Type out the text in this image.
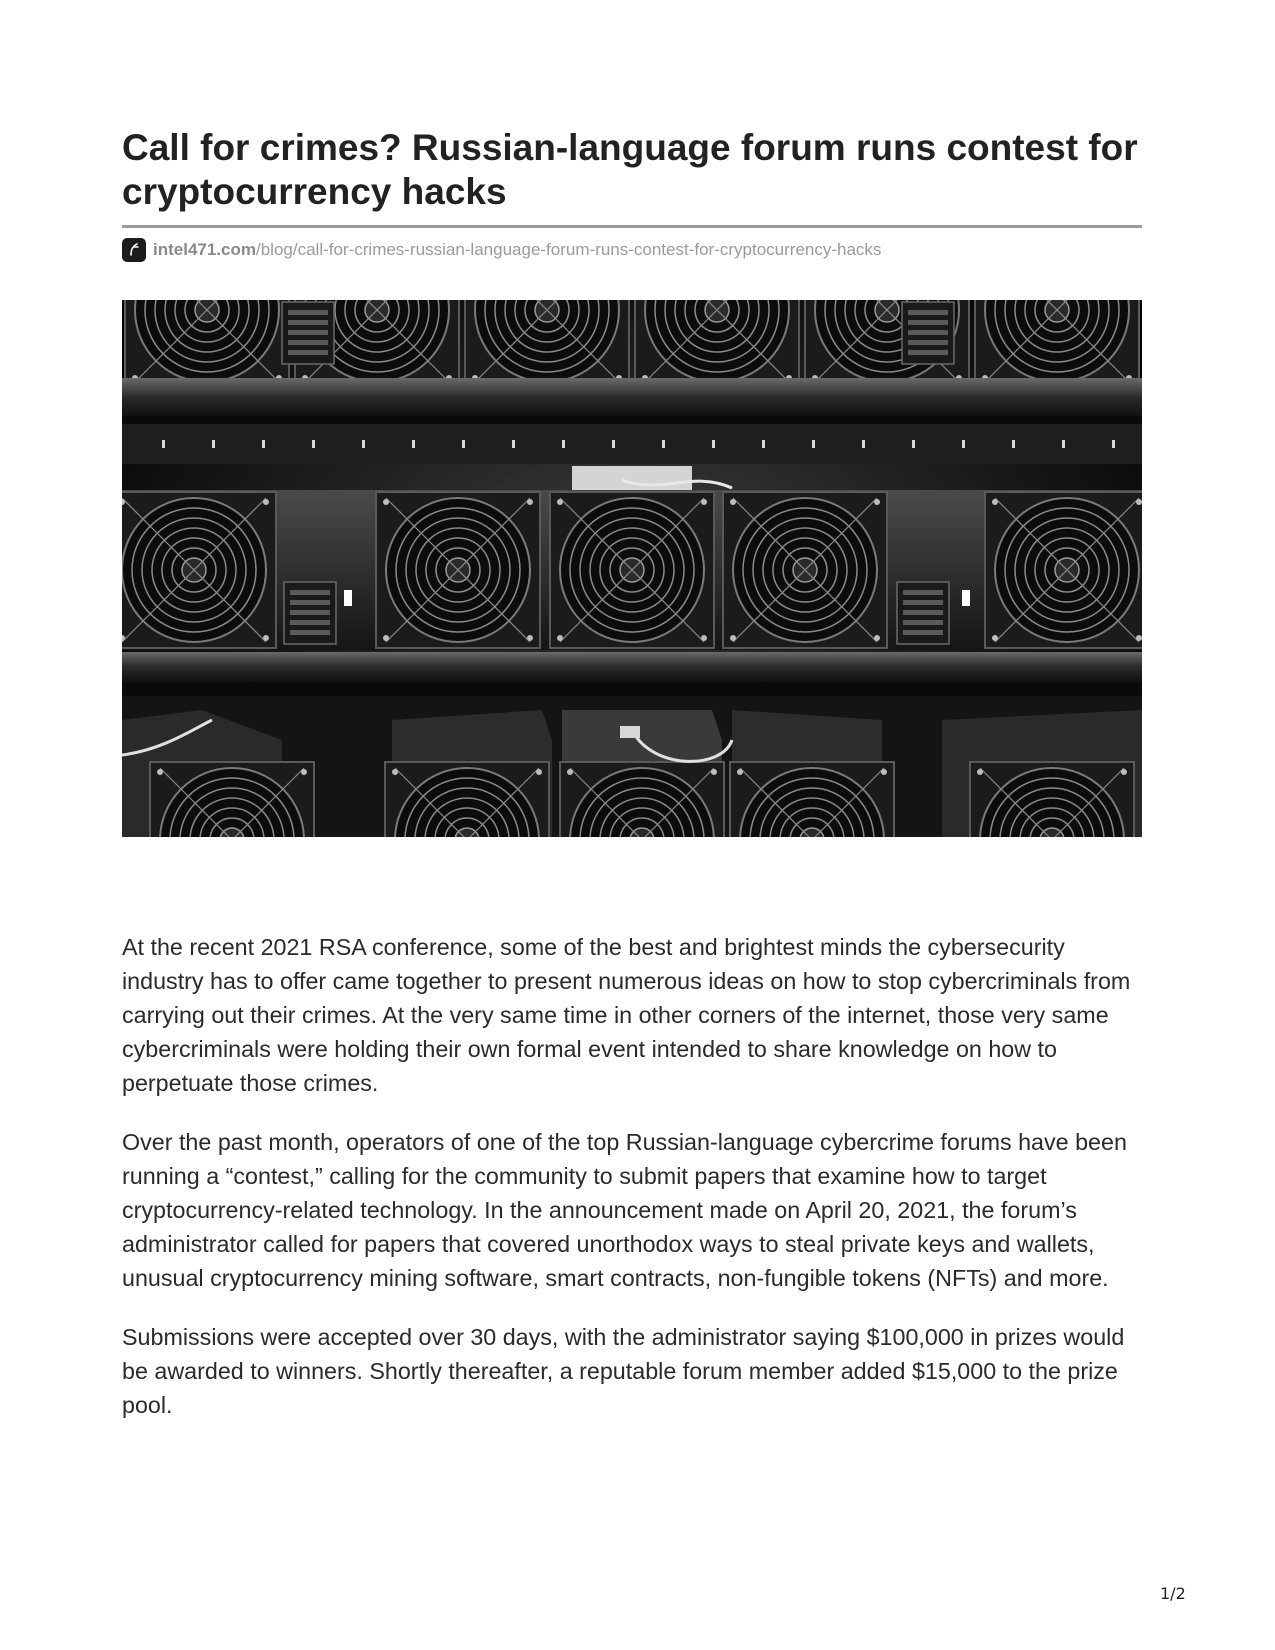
Call for crimes? Russian-language forum runs contest for cryptocurrency hacks
intel471.com /blog/call-for-crimes-russian-language-forum-runs-contest-for-cryptocurrency-hacks

At the recent 2021 RSA conference, some of the best and brightest minds the cybersecurity industry has to offer came together to present numerous ideas on how to stop cybercriminals from carrying out their crimes. At the very same time in other corners of the internet, those very same cybercriminals were holding their own formal event intended to share knowledge on how to perpetuate those crimes.

Over the past month, operators of one of the top Russian-language cybercrime forums have been running a “contest,” calling for the community to submit papers that examine how to target cryptocurrency-related technology. In the announcement made on April 20, 2021, the forum’s administrator called for papers that covered unorthodox ways to steal private keys and wallets, unusual cryptocurrency mining software, smart contracts, non-fungible tokens (NFTs) and more.

Submissions were accepted over 30 days, with the administrator saying $100,000 in prizes would be awarded to winners. Shortly thereafter, a reputable forum member added $15,000 to the prize pool.

1/2
